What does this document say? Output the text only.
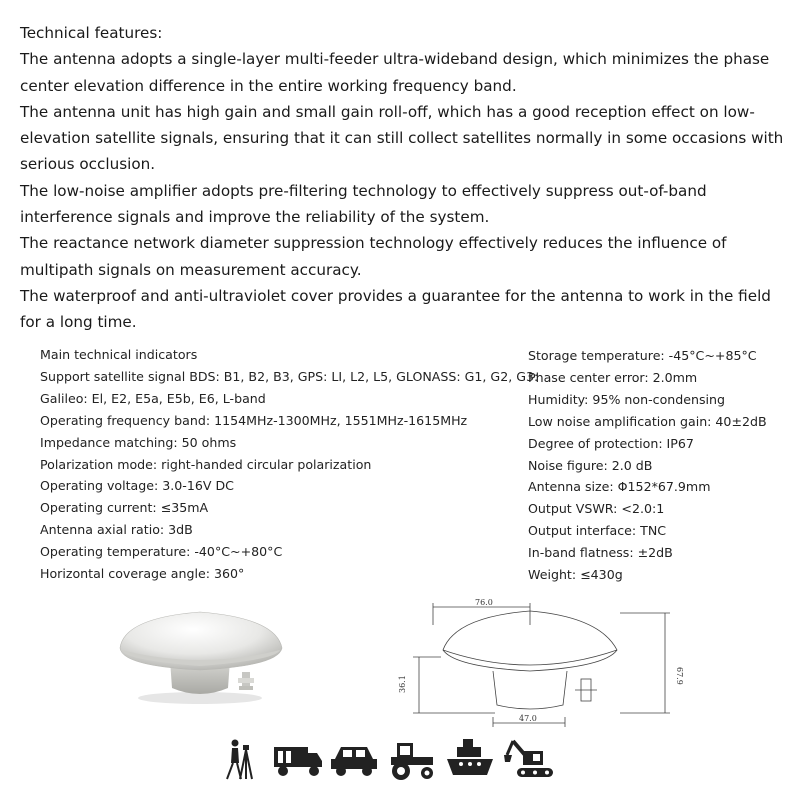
Technical features:

The antenna adopts a single-layer multi-feeder ultra-wideband design, which minimizes the phase center elevation difference in the entire working frequency band.

The antenna unit has high gain and small gain roll-off, which has a good reception effect on low-elevation satellite signals, ensuring that it can still collect satellites normally in some occasions with serious occlusion.

The low-noise amplifier adopts pre-filtering technology to effectively suppress out-of-band interference signals and improve the reliability of the system.

The reactance network diameter suppression technology effectively reduces the influence of multipath signals on measurement accuracy.

The waterproof and anti-ultraviolet cover provides a guarantee for the antenna to work in the field for a long time.

Main technical indicators
Support satellite signal BDS: B1, B2, B3, GPS: LI, L2, L5, GLONASS: G1, G2, G3:
Galileo: El, E2, E5a, E5b, E6, L-band
Operating frequency band: 1154MHz-1300MHz, 1551MHz-1615MHz
Impedance matching: 50 ohms
Polarization mode: right-handed circular polarization
Operating voltage: 3.0-16V DC
Operating current: ≤35mA
Antenna axial ratio: 3dB
Operating temperature: -40°C~+80°C
Horizontal coverage angle: 360°
Storage temperature: -45°C~+85°C
Phase center error: 2.0mm
Humidity: 95% non-condensing
Low noise amplification gain: 40±2dB
Degree of protection: IP67
Noise figure: 2.0 dB
Antenna size: Φ152*67.9mm
Output VSWR: <2.0:1
Output interface: TNC
In-band flatness: ±2dB
Weight: ≤430g
76.0
67.9
36.1
47.0
